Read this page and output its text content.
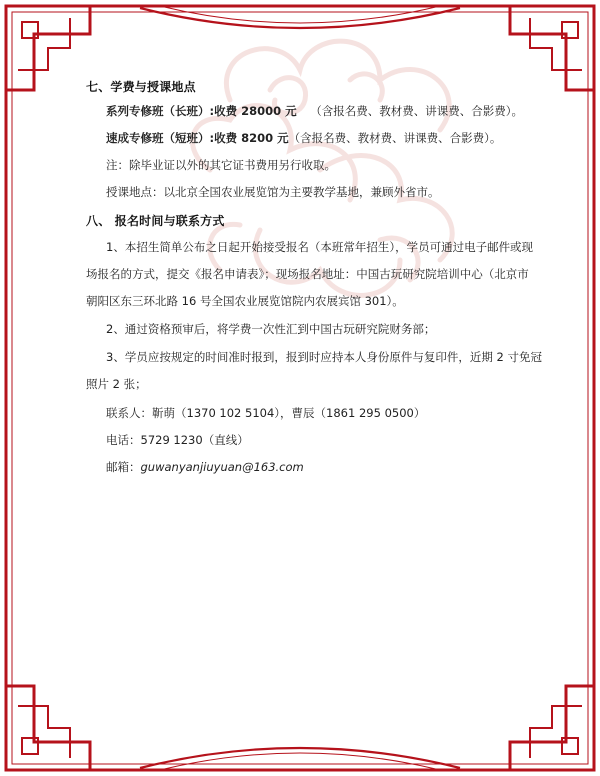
七、学费与授课地点
系列专修班（长班）:收费 28000 元 （含报名费、教材费、讲课费、合影费）。
速成专修班（短班）:收费 8200 元（含报名费、教材费、讲课费、合影费）。
注：除毕业证以外的其它证书费用另行收取。
授课地点：以北京全国农业展览馆为主要教学基地，兼顾外省市。
八、 报名时间与联系方式
1、本招生简单公布之日起开始接受报名（本班常年招生），学员可通过电子邮件或现
场报名的方式，提交《报名申请表》；现场报名地址：中国古玩研究院培训中心（北京市
朝阳区东三环北路 16 号全国农业展览馆院内农展宾馆 301）。
2、通过资格预审后，将学费一次性汇到中国古玩研究院财务部；
3、学员应按规定的时间准时报到，报到时应持本人身份原件与复印件，近期 2 寸免冠
照片 2 张；
联系人：靳萌（1370 102 5104），曹辰（1861 295 0500）
电话：5729 1230（直线）
邮箱：guwanyanjiuyuan@163.com
